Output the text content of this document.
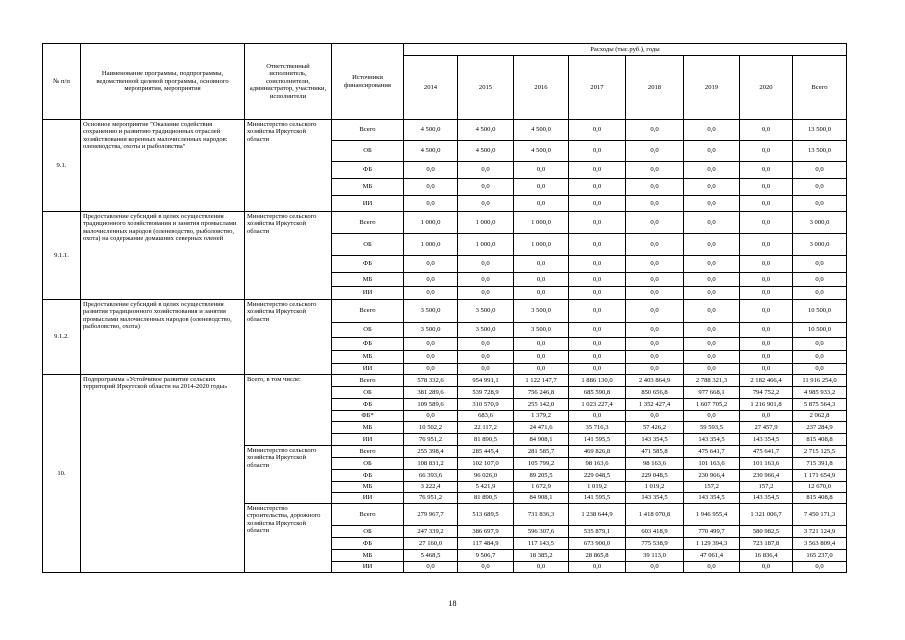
№ п/п	Наименование программы, подпрограммы, ведомственной целевой программы, основного мероприятия, мероприятия	Ответственный исполнитель, соисполнители, администратор, участники, исполнители	Источники финансирования	Расходы (тыс.руб.), годы							
				2014	2015	2016	2017	2018	2019	2020	Всего
9.1.	Основное мероприятие "Оказание содействия сохранению и развитию традиционных отраслей хозяйствования коренных малочисленных народов: оленеводства, охоты и рыболовства"	Министерство сельского хозяйства Иркутской области	Всего	4 500,0	4 500,0	4 500,0	0,0	0,0	0,0	0,0	13 500,0
			ОБ	4 500,0	4 500,0	4 500,0	0,0	0,0	0,0	0,0	13 500,0
			ФБ	0,0	0,0	0,0	0,0	0,0	0,0	0,0	0,0
			МБ	0,0	0,0	0,0	0,0	0,0	0,0	0,0	0,0
			ИИ	0,0	0,0	0,0	0,0	0,0	0,0	0,0	0,0
9.1.1.	Предоставление субсидий в целях осуществления традиционного хозяйствования и занятия промыслами малочисленных народов (оленеводство, рыболовство, охота) на содержание домашних северных оленей	Министерство сельского хозяйства Иркутской области	Всего	1 000,0	1 000,0	1 000,0	0,0	0,0	0,0	0,0	3 000,0
			ОБ	1 000,0	1 000,0	1 000,0	0,0	0,0	0,0	0,0	3 000,0
			ФБ	0,0	0,0	0,0	0,0	0,0	0,0	0,0	0,0
			МБ	0,0	0,0	0,0	0,0	0,0	0,0	0,0	0,0
			ИИ	0,0	0,0	0,0	0,0	0,0	0,0	0,0	0,0
9.1.2.	Предоставление субсидий в целях осуществления развития традиционного хозяйствования и занятия промыслами малочисленных народов (оленеводство, рыболовство, охота)	Министерство сельского хозяйства Иркутской области	Всего	3 500,0	3 500,0	3 500,0	0,0	0,0	0,0	0,0	10 500,0
			ОБ	3 500,0	3 500,0	3 500,0	0,0	0,0	0,0	0,0	10 500,0
			ФБ	0,0	0,0	0,0	0,0	0,0	0,0	0,0	0,0
			МБ	0,0	0,0	0,0	0,0	0,0	0,0	0,0	0,0
			ИИ	0,0	0,0	0,0	0,0	0,0	0,0	0,0	0,0
10.	Подпрограмма «Устойчивое развитие сельских территорий Иркутской области на 2014-2020 годы»	Всего, в том числе:	Всего	578 332,6	954 991,1	1 122 147,7	1 886 130,0	2 403 864,9	2 788 321,3	2 182 466,4	11 916 254,0
			ОБ	381 289,6	539 728,9	756 246,8	685 590,8	850 656,8	977 668,1	794 752,2	4 985 933,2
			ФБ	109 589,6	310 570,9	255 142,0	1 023 227,4	1 352 427,4	1 607 705,2	1 216 901,8	5 875 564,3
			ФБ*	0,0	683,6	1 379,2	0,0	0,0	0,0	0,0	2 062,8
			МБ	10 502,2	22 117,2	24 471,6	35 716,3	57 426,2	59 593,5	27 457,9	237 284,9
			ИИ	76 951,2	81 890,5	84 908,1	141 595,5	143 354,5	143 354,5	143 354,5	815 408,8
		Министерство сельского хозяйства Иркутской области	Всего	255 398,4	285 445,4	281 585,7	469 826,8	471 585,8	475 641,7	475 641,7	2 715 125,5
			ОБ	108 831,2	102 107,0	105 799,2	98 163,6	98 163,6	101 163,6	101 163,6	715 391,8
			ФБ	66 393,6	96 026,0	89 205,5	229 048,5	229 048,5	230 966,4	230 966,4	1 171 654,9
			МБ	3 222,4	5 421,9	1 672,9	1 019,2	1 019,2	157,2	157,2	12 670,0
			ИИ	76 951,2	81 890,5	84 908,1	141 595,5	143 354,5	143 354,5	143 354,5	815 408,8
		Министерство строительства, дорожного хозяйства Иркутской области	Всего	279 967,7	513 689,5	731 836,3	1 238 644,9	1 418 070,8	1 946 955,4	1 321 006,7	7 450 171,3
			ОБ	247 339,2	386 697,9	596 307,6	535 879,1	603 418,9	770 499,7	580 982,5	3 721 124,9
			ФБ	27 160,0	117 484,9	117 143,5	673 900,0	775 538,9	1 129 394,3	723 187,8	3 563 809,4
			МБ	5 468,5	9 506,7	18 385,2	28 865,8	39 113,0	47 061,4	16 836,4	165 237,0
			ИИ	0,0	0,0	0,0	0,0	0,0	0,0	0,0	0,0
18
